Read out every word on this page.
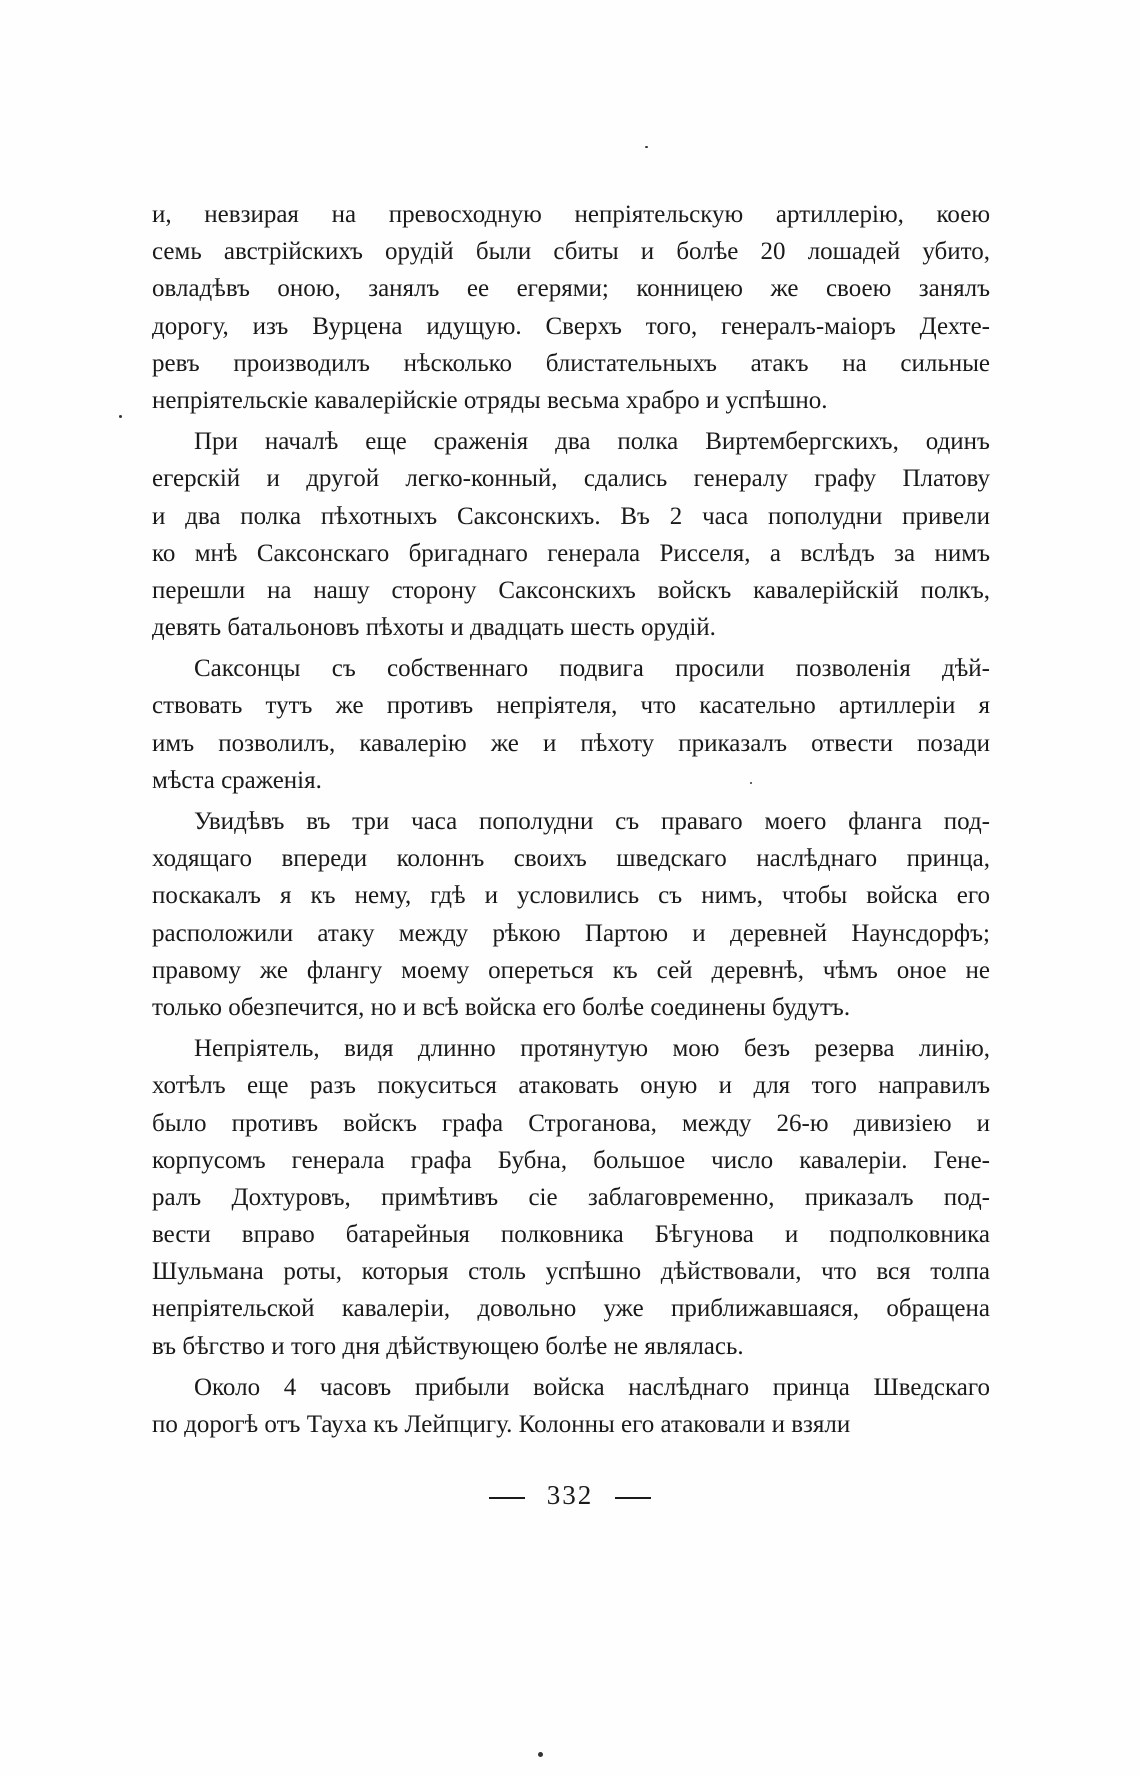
и, невзирая на превосходную непріятельскую артиллерію, коею
семь австрійскихъ орудій были сбиты и болѣе 20 лошадей убито,
овладѣвъ оною, занялъ ее егерями; конницею же своею занялъ
дорогу, изъ Вурцена идущую. Сверхъ того, генералъ-маіоръ Дехте-
ревъ производилъ нѣсколько блистательныхъ атакъ на сильные
непріятельскіе кавалерійскіе отряды весьма храбро и успѣшно.
При началѣ еще сраженія два полка Виртембергскихъ, одинъ
егерскій и другой легко-конный, сдались генералу графу Платову
и два полка пѣхотныхъ Саксонскихъ. Въ 2 часа пополудни привели
ко мнѣ Саксонскаго бригаднаго генерала Рисселя, а вслѣдъ за нимъ
перешли на нашу сторону Саксонскихъ войскъ кавалерійскій полкъ,
девять батальоновъ пѣхоты и двадцать шесть орудій.
Саксонцы съ собственнаго подвига просили позволенія дѣй-
ствовать тутъ же противъ непріятеля, что касательно артиллеріи я
имъ позволилъ, кавалерію же и пѣхоту приказалъ отвести позади
мѣста сраженія.
Увидѣвъ въ три часа пополудни съ праваго моего фланга под-
ходящаго впереди колоннъ своихъ шведскаго наслѣднаго принца,
поскакалъ я къ нему, гдѣ и условились съ нимъ, чтобы войска его
расположили атаку между рѣкою Партою и деревней Наунсдорфъ;
правому же флангу моему опереться къ сей деревнѣ, чѣмъ оное не
только обезпечится, но и всѣ войска его болѣе соединены будутъ.
Непріятель, видя длинно протянутую мою безъ резерва линію,
хотѣлъ еще разъ покуситься атаковать оную и для того направилъ
было противъ войскъ графа Строганова, между 26-ю дивизіею и
корпусомъ генерала графа Бубна, большое число кавалеріи. Гене-
ралъ Дохтуровъ, примѣтивъ сіе заблаговременно, приказалъ под-
вести вправо батарейныя полковника Бѣгунова и подполковника
Шульмана роты, которыя столь успѣшно дѣйствовали, что вся толпа
непріятельской кавалеріи, довольно уже приближавшаяся, обращена
въ бѣгство и того дня дѣйствующею болѣе не являлась.
Около 4 часовъ прибыли войска наслѣднаго принца Шведскаго
по дорогѣ отъ Тауха къ Лейпцигу. Колонны его атаковали и взяли
332
